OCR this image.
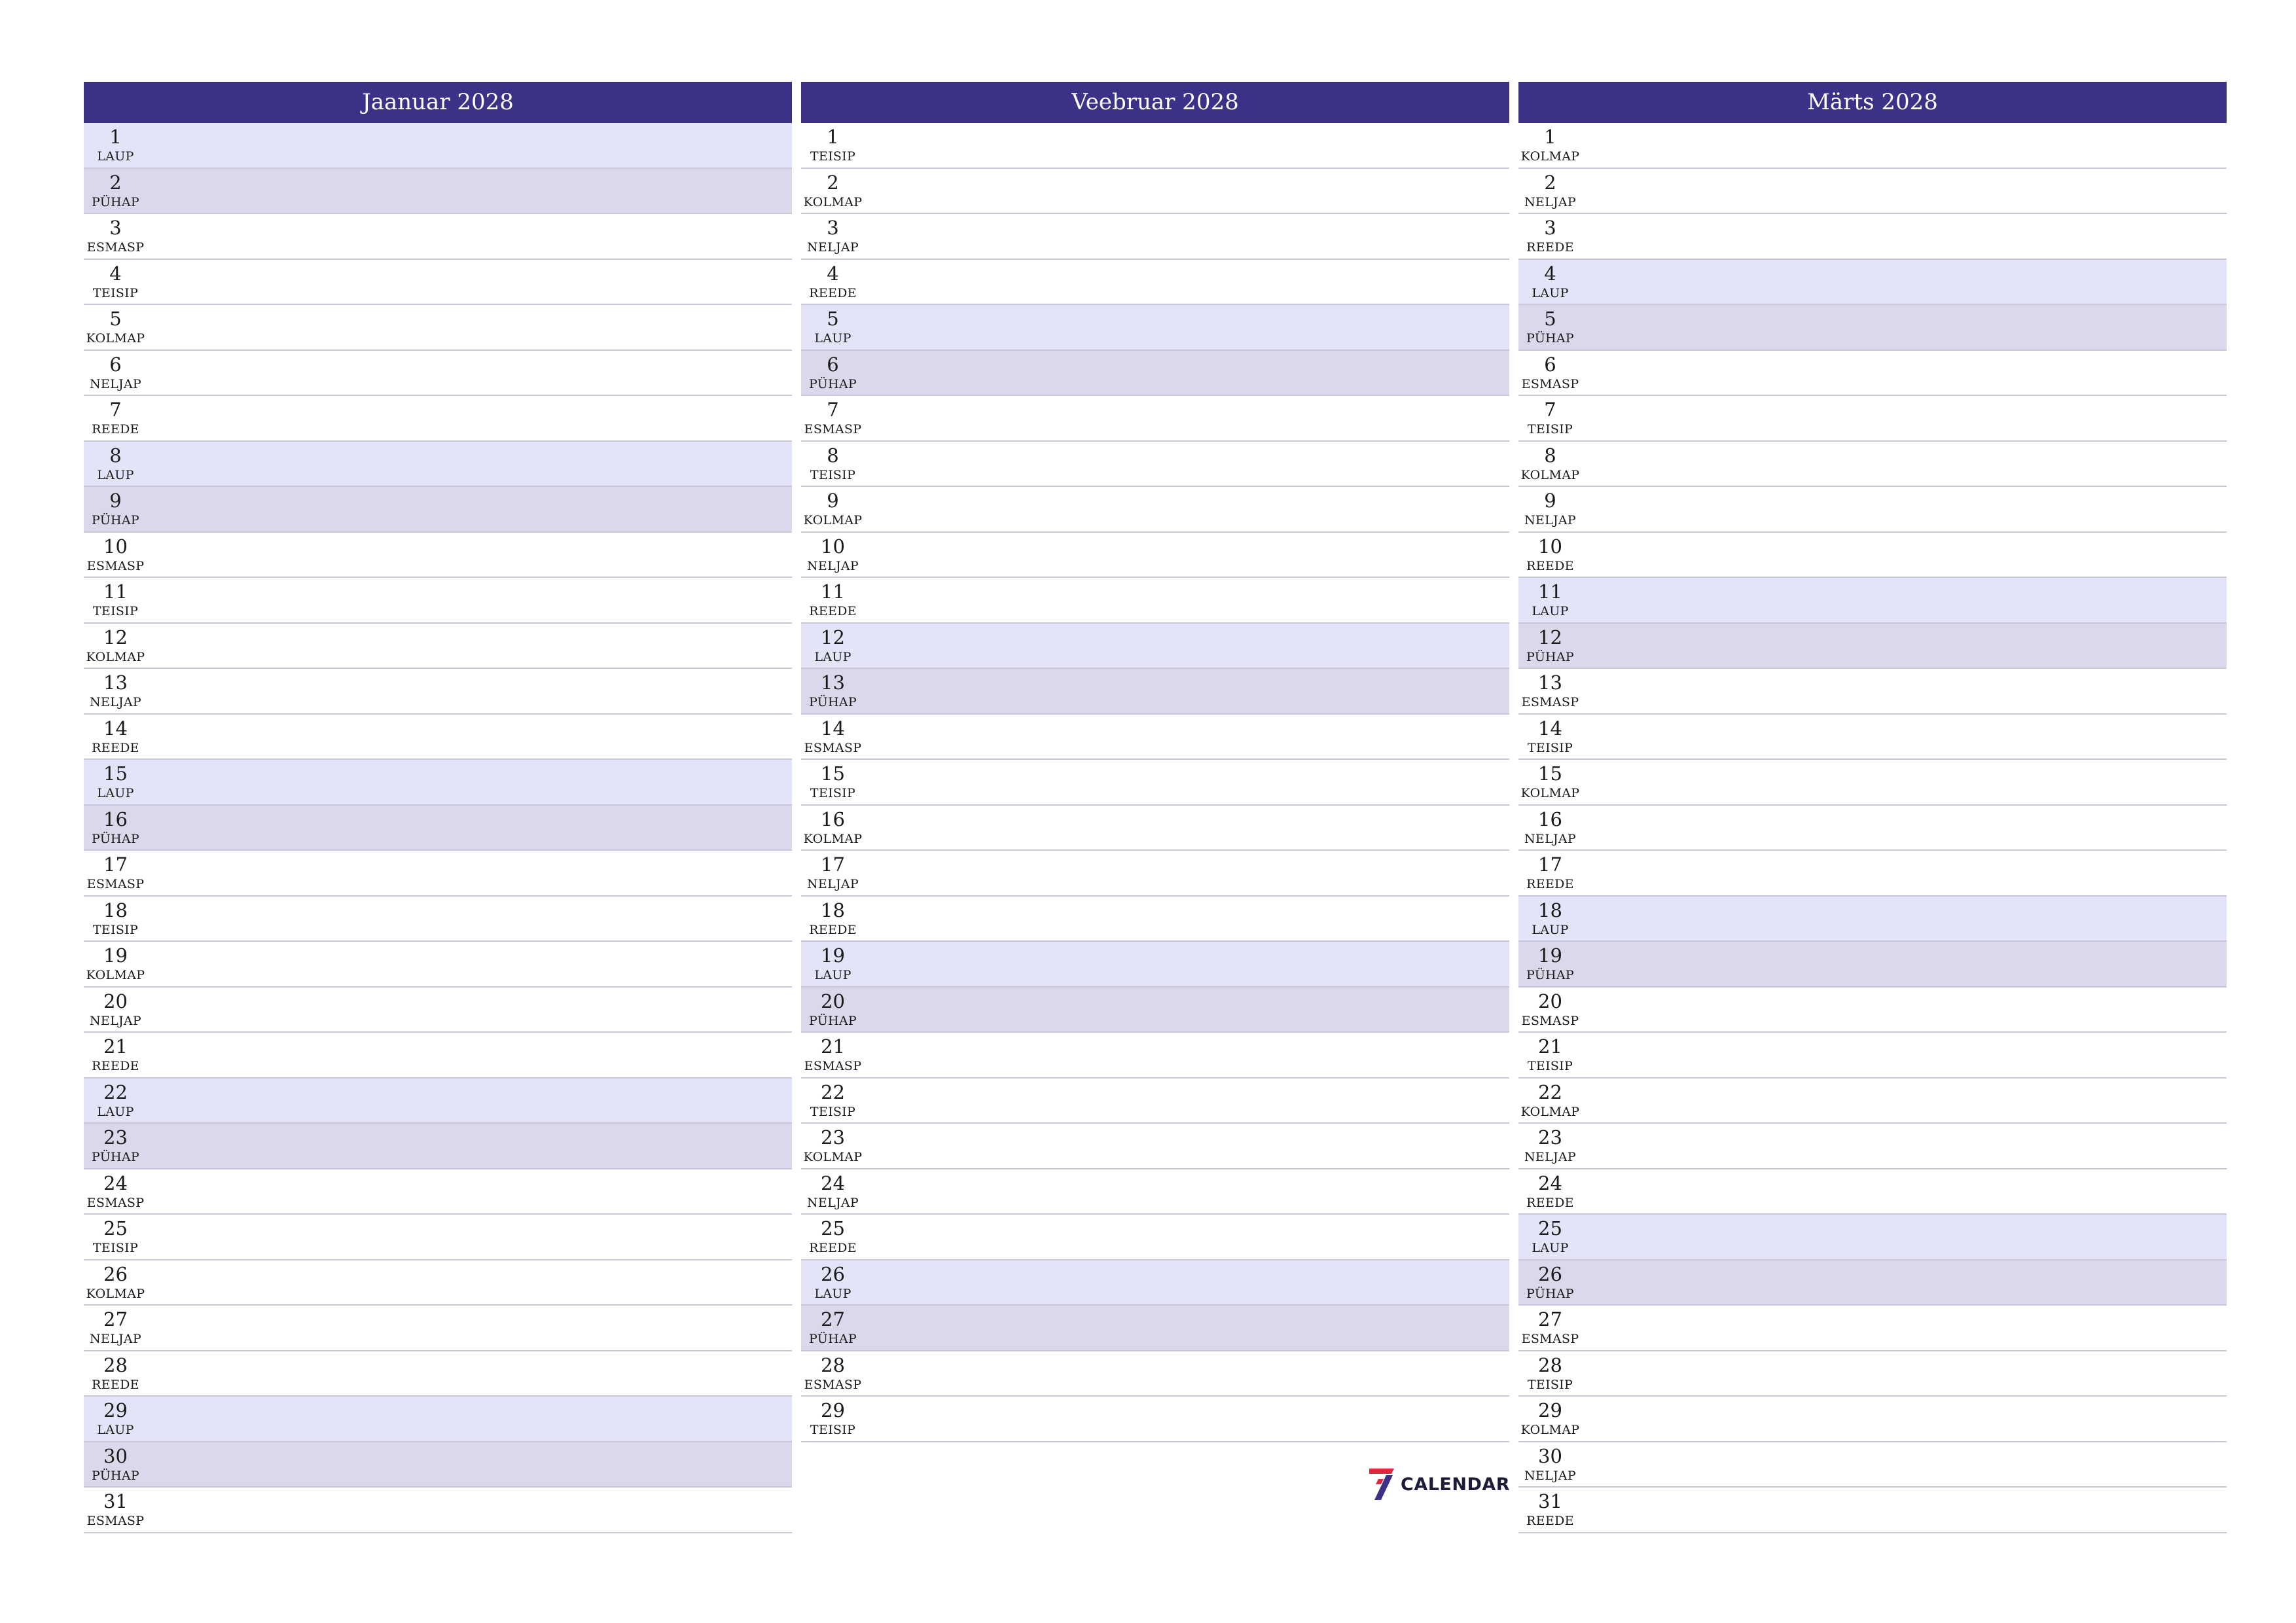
Jaanuar 2028
1
LAUP
2
PÜHAP
3
ESMASP
4
TEISIP
5
KOLMAP
6
NELJAP
7
REEDE
8
LAUP
9
PÜHAP
10
ESMASP
11
TEISIP
12
KOLMAP
13
NELJAP
14
REEDE
15
LAUP
16
PÜHAP
17
ESMASP
18
TEISIP
19
KOLMAP
20
NELJAP
21
REEDE
22
LAUP
23
PÜHAP
24
ESMASP
25
TEISIP
26
KOLMAP
27
NELJAP
28
REEDE
29
LAUP
30
PÜHAP
31
ESMASP
Veebruar 2028
1
TEISIP
2
KOLMAP
3
NELJAP
4
REEDE
5
LAUP
6
PÜHAP
7
ESMASP
8
TEISIP
9
KOLMAP
10
NELJAP
11
REEDE
12
LAUP
13
PÜHAP
14
ESMASP
15
TEISIP
16
KOLMAP
17
NELJAP
18
REEDE
19
LAUP
20
PÜHAP
21
ESMASP
22
TEISIP
23
KOLMAP
24
NELJAP
25
REEDE
26
LAUP
27
PÜHAP
28
ESMASP
29
TEISIP
Märts 2028
1
KOLMAP
2
NELJAP
3
REEDE
4
LAUP
5
PÜHAP
6
ESMASP
7
TEISIP
8
KOLMAP
9
NELJAP
10
REEDE
11
LAUP
12
PÜHAP
13
ESMASP
14
TEISIP
15
KOLMAP
16
NELJAP
17
REEDE
18
LAUP
19
PÜHAP
20
ESMASP
21
TEISIP
22
KOLMAP
23
NELJAP
24
REEDE
25
LAUP
26
PÜHAP
27
ESMASP
28
TEISIP
29
KOLMAP
30
NELJAP
31
REEDE
CALENDAR
